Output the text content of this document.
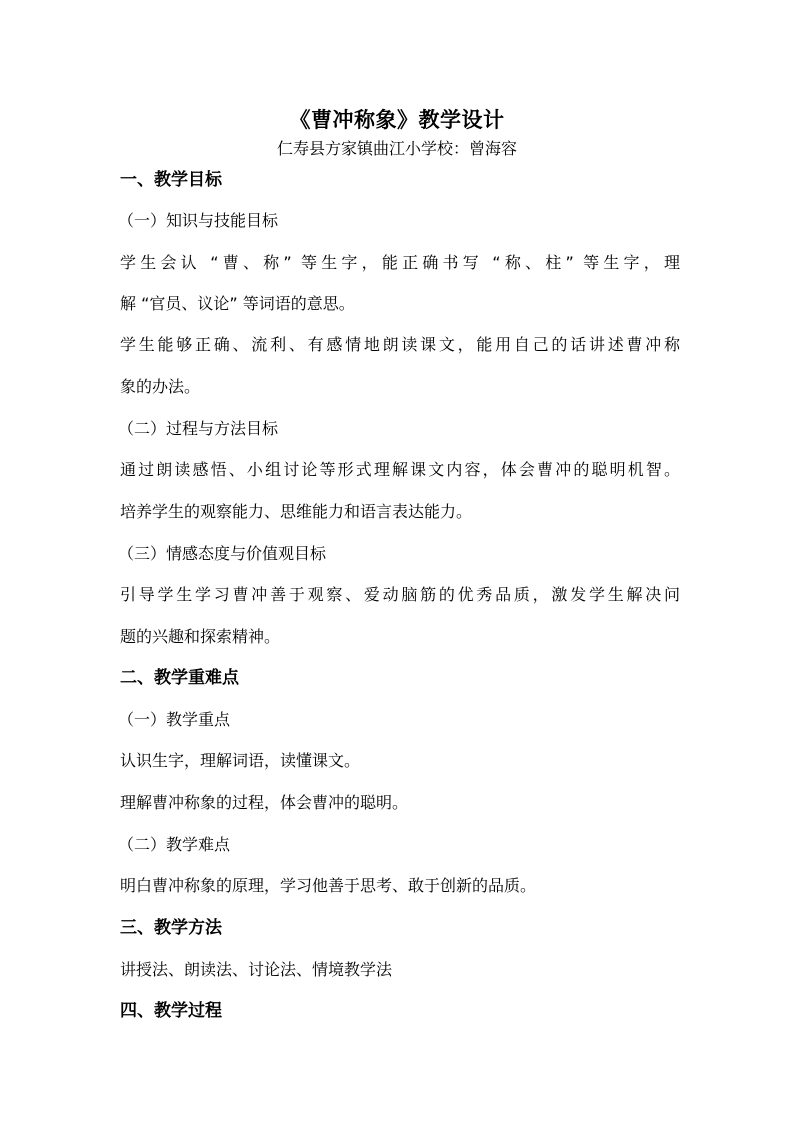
《曹冲称象》教学设计
仁寿县方家镇曲江小学校：曾海容
一、教学目标
（一）知识与技能目标
学生会认 “曹、称” 等生字，能正确书写 “称、柱” 等生字，理
解 “官员、议论” 等词语的意思。
学生能够正确、流利、有感情地朗读课文，能用自己的话讲述曹冲称
象的办法。
（二）过程与方法目标
通过朗读感悟、小组讨论等形式理解课文内容，体会曹冲的聪明机智。
培养学生的观察能力、思维能力和语言表达能力。
（三）情感态度与价值观目标
引导学生学习曹冲善于观察、爱动脑筋的优秀品质，激发学生解决问
题的兴趣和探索精神。
二、教学重难点
（一）教学重点
认识生字，理解词语，读懂课文。
理解曹冲称象的过程，体会曹冲的聪明。
（二）教学难点
明白曹冲称象的原理，学习他善于思考、敢于创新的品质。
三、教学方法
讲授法、朗读法、讨论法、情境教学法
四、教学过程
